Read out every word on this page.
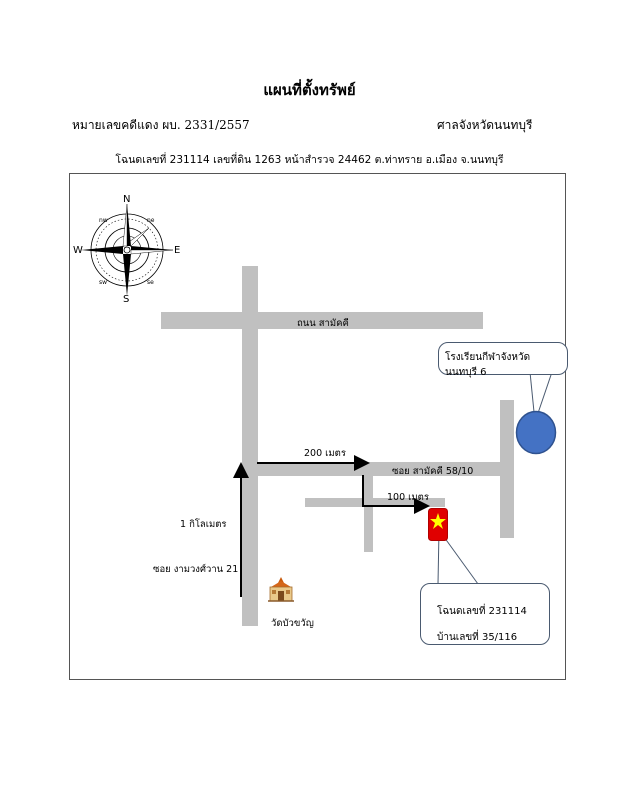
แผนที่ตั้งทรัพย์
หมายเลขคดีแดง ผบ. 2331/2557	ศาลจังหวัดนนทบุรี
โฉนดเลขที่ 231114 เลขที่ดิน 1263 หน้าสำรวจ 24462 ต.ท่าทราย อ.เมือง จ.นนทบุรี
N
S
E
W
ne
nw
se
sw
ถนน สามัคคี
ซอย สามัคคี 58/10
200 เมตร
100 เมตร
1 กิโลเมตร
ซอย งามวงศ์วาน 21
วัดบัวขวัญ
โรงเรียนกีฬาจังหวัดนนทบุรี 6
โฉนดเลขที่ 231114
บ้านเลขที่ 35/116
